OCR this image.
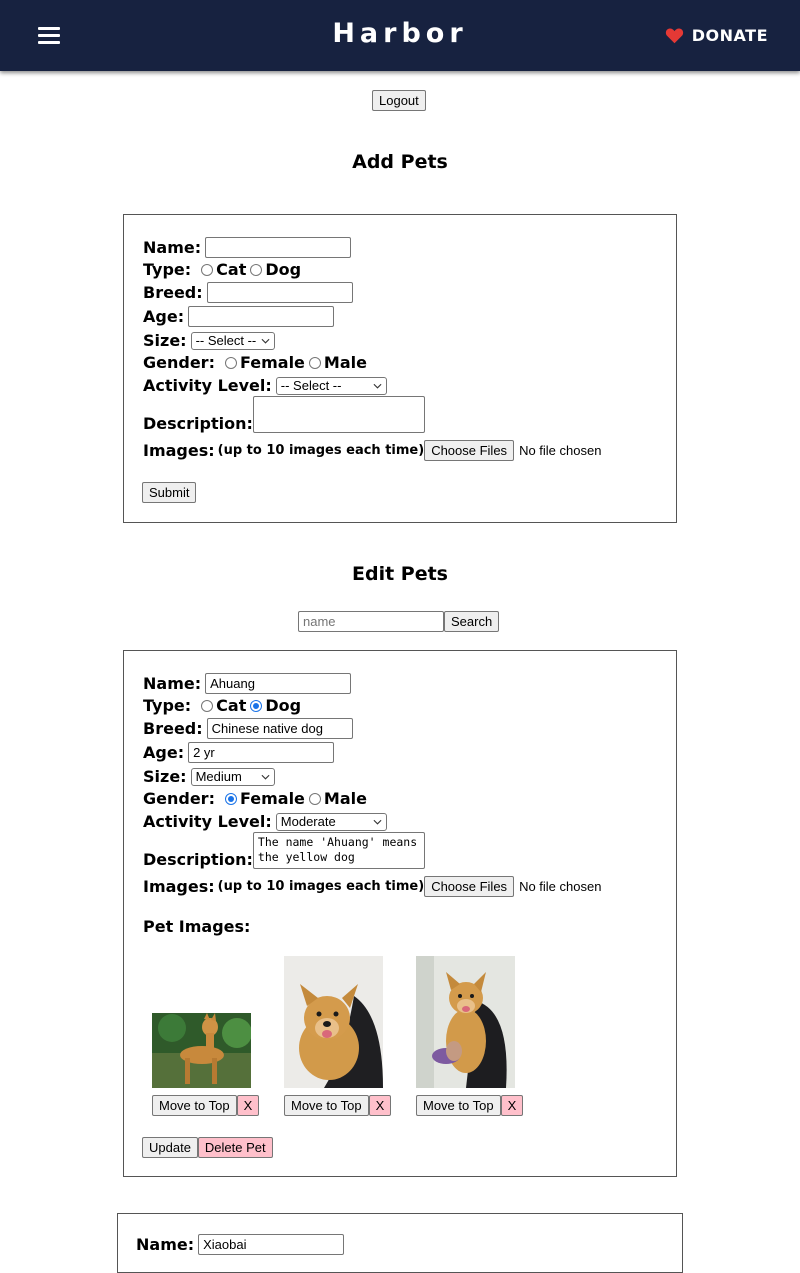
Harbor	DONATE
Logout
Add Pets
Name:
Type: Cat Dog
Breed:
Age:
Size: -- Select --
Gender: Female Male
Activity Level: -- Select --
Description:
Images: (up to 10 images each time) Choose Files No file chosen
Submit
Edit Pets
name
Search
Name:
Ahuang
Type: Cat Dog
Breed:
Chinese native dog
Age:
2 yr
Size: Medium
Gender: Female Male
Activity Level: Moderate
Description:
The name 'Ahuang' means the yellow dog
Images: (up to 10 images each time) Choose Files No file chosen
Pet Images:
Move to Top	X	Move to Top	X	Move to Top	X
Update	Delete Pet
Name:
Xiaobai
